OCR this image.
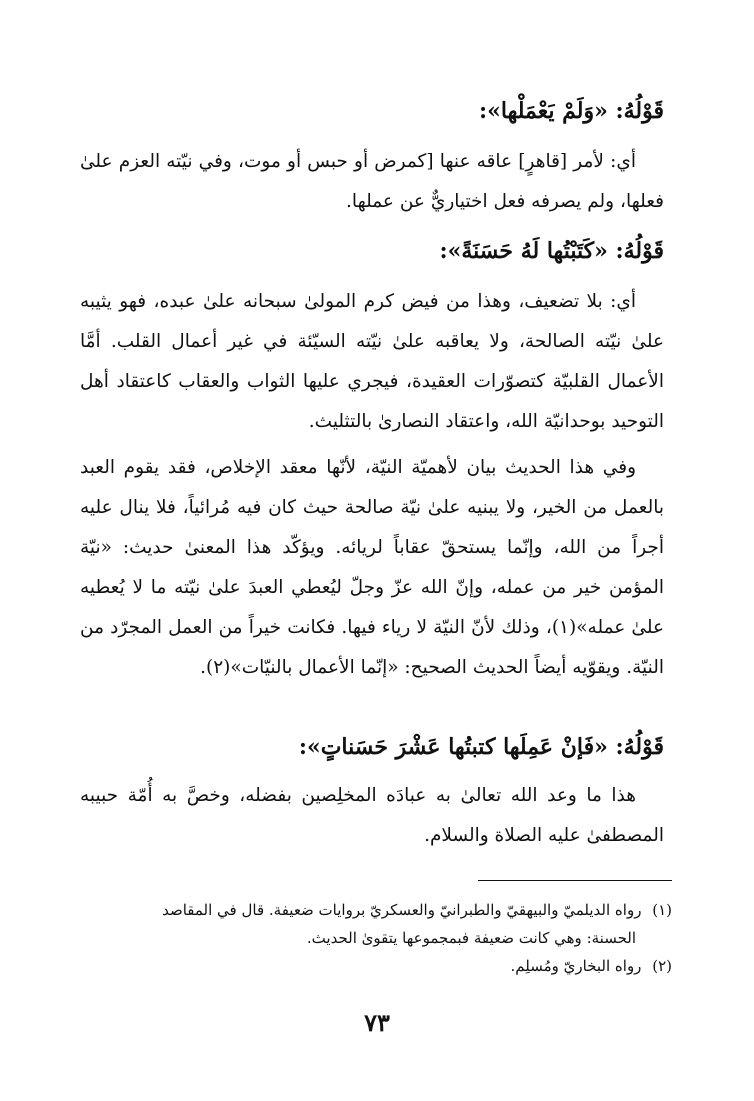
قَوْلُهُ: «وَلَمْ يَعْمَلْها»:

أي: لأمر [قاهرٍ] عاقه عنها [كمرض أو حبس أو موت، وفي نيّته العزم علىٰ فعلها، ولم يصرفه فعل اختياريٌّ عن عملها.

قَوْلُهُ: «كَتَبْتُها لَهُ حَسَنَةً»:

أي: بلا تضعيف، وهذا من فيض كرم المولىٰ سبحانه علىٰ عبده، فهو يثيبه علىٰ نيّته الصالحة، ولا يعاقبه علىٰ نيّته السيّئة في غير أعمال القلب. أمَّا الأعمال القلبيّة كتصوّرات العقيدة، فيجري عليها الثواب والعقاب كاعتقاد أهل التوحيد بوحدانيّة الله، واعتقاد النصارىٰ بالتثليث.

وفي هذا الحديث بيان لأهميّة النيّة، لأنّها معقد الإخلاص، فقد يقوم العبد بالعمل من الخير، ولا يبنيه علىٰ نيّة صالحة حيث كان فيه مُرائياً، فلا ينال عليه أجراً من الله، وإنّما يستحقّ عقاباً لريائه. ويؤكّد هذا المعنىٰ حديث: «نيّة المؤمن خير من عمله، وإنّ الله عزّ وجلّ ليُعطي العبدَ علىٰ نيّته ما لا يُعطيه علىٰ عمله»(١)، وذلك لأنّ النيّة لا رياء فيها. فكانت خيراً من العمل المجرّد من النيّة. ويقوّيه أيضاً الحديث الصحيح: «إنّما الأعمال بالنيّات»(٢).

قَوْلُهُ: «فَإنْ عَمِلَها كتبتُها عَشْرَ حَسَناتٍ»:

هذا ما وعد الله تعالىٰ به عبادَه المخلِصين بفضله، وخصَّ به أُمّة حبيبه المصطفىٰ عليه الصلاة والسلام.

(١) رواه الديلميّ والبيهقيّ والطبرانيّ والعسكريّ بروايات ضعيفة. قال في المقاصد
الحسنة: وهي كانت ضعيفة فبمجموعها يتقوىٰ الحديث.
(٢) رواه البخاريّ ومُسلِم.
٧٣
